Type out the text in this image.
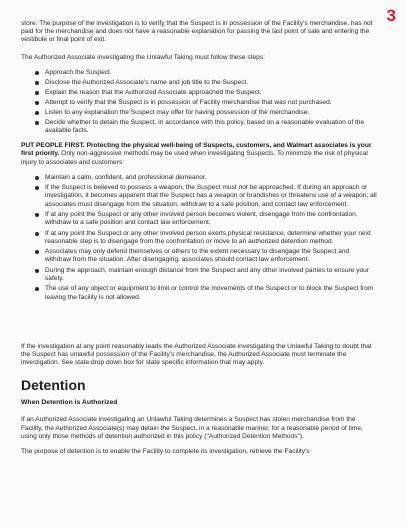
3

store. The purpose of the investigation is to verify that the Suspect is in possession of the Facility's merchandise, has not paid for the merchandise and does not have a reasonable explanation for passing the last point of sale and entering the vestibule or final point of exit.

The Authorized Associate investigating the Unlawful Taking must follow these steps:

Approach the Suspect.
Disclose the Authorized Associate's name and job title to the Suspect.
Explain the reason that the Authorized Associate approached the Suspect.
Attempt to verify that the Suspect is in possession of Facility merchandise that was not purchased.
Listen to any explanation the Suspect may offer for having possession of the merchandise.
Decide whether to detain the Suspect, in accordance with this policy, based on a reasonable evaluation of the available facts.

PUT PEOPLE FIRST. Protecting the physical well-being of Suspects, customers, and Walmart associates is your first priority. Only non-aggressive methods may be used when investigating Suspects. To minimize the risk of physical injury to associates and customers:

Maintain a calm, confident, and professional demeanor.
If the Suspect is believed to possess a weapon, the Suspect must not be approached. If during an approach or investigation, it becomes apparent that the Suspect has a weapon or brandishes or threatens use of a weapon; all associates must disengage from the situation, withdraw to a safe position, and contact law enforcement.
If at any point the Suspect or any other involved person becomes violent, disengage from the confrontation, withdraw to a safe position and contact law enforcement.
If at any point the Suspect or any other involved person exerts physical resistance, determine whether your next reasonable step is to disengage from the confrontation or move to an authorized detention method.
Associates may only defend themselves or others to the extent necessary to disengage the Suspect and withdraw from the situation. After disengaging, associates should contact law enforcement.
During the approach, maintain enough distance from the Suspect and any other involved parties to ensure your safety.
The use of any object or equipment to limit or control the movements of the Suspect or to block the Suspect from leaving the facility is not allowed.

If the investigation at any point reasonably leads the Authorized Associate investigating the Unlawful Taking to doubt that the Suspect has unlawful possession of the Facility's merchandise, the Authorized Associate must terminate the investigation. See state drop down box for state specific information that may apply.

Detention
When Detention is Authorized

If an Authorized Associate investigating an Unlawful Taking determines a Suspect has stolen merchandise from the Facility, the Authorized Associate(s) may detain the Suspect, in a reasonable manner, for a reasonable period of time, using only those methods of detention authorized in this policy ("Authorized Detention Methods").

The purpose of detention is to enable the Facility to complete its investigation, retrieve the Facility's
